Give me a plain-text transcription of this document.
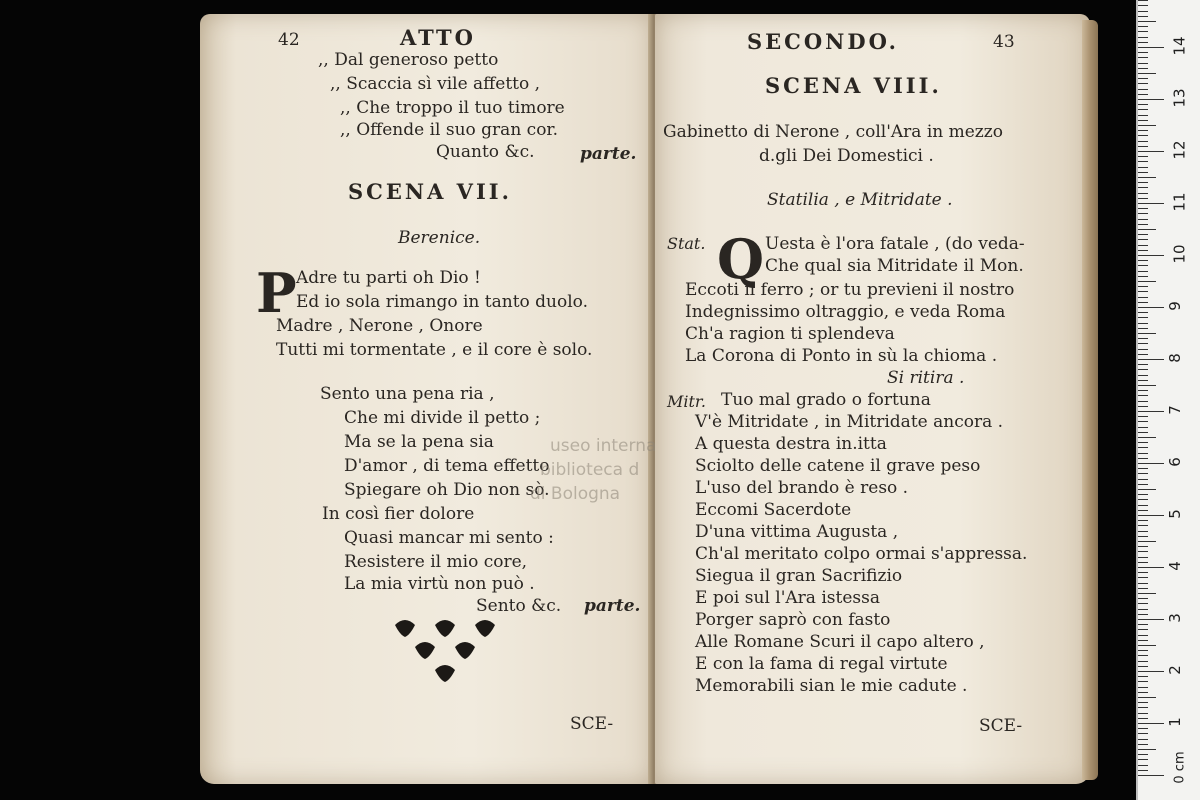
42	ATTO
,, Dal generoso petto
,, Scaccia sì vile affetto ,
,, Che troppo il tuo timore
,, Offende il suo gran cor.
Quanto &c.	parte.
SCENA VII.
Berenice.
P Adre tu parti oh Dio !
Ed io sola rimango in tanto duolo.
Madre , Nerone , Onore
Tutti mi tormentate , e il core è solo.
Sento una pena ria ,
Che mi divide il petto ;
Ma se la pena sia
D'amor , di tema effetto
Spiegare oh Dio non sò.
In così fier dolore
Quasi mancar mi sento :
Resistere il mio core,
La mia virtù non può .
Sento &c. parte.
SCE-
SECONDO.	43
SCENA VIII.
Gabinetto di Nerone , coll'Ara in mezzo
d.gli Dei Domestici .
Statilia , e Mitridate .
Stat. Q Uesta è l'ora fatale , (do veda-
Che qual sia Mitridate il Mon.
Eccoti il ferro ; or tu previeni il nostro
Indegnissimo oltraggio, e veda Roma
Ch'a ragion ti splendeva
La Corona di Ponto in sù la chioma .
Si ritira .
Mitr. Tuo mal grado o fortuna
V'è Mitridate , in Mitridate ancora .
A questa destra in.itta
Sciolto delle catene il grave peso
L'uso del brando è reso .
Eccomi Sacerdote
D'una vittima Augusta ,
Ch'al meritato colpo ormai s'appressa.
Siegua il gran Sacrifizio
E poi sul l'Ara istessa
Porger saprò con fasto
Alle Romane Scuri il capo altero ,
E con la fama di regal virtute
Memorabili sian le mie cadute .
SCE-
useo interna
biblioteca d
di Bologna
0 cm
1
2
3
4
5
6
7
8
9
10
11
12
13
14
